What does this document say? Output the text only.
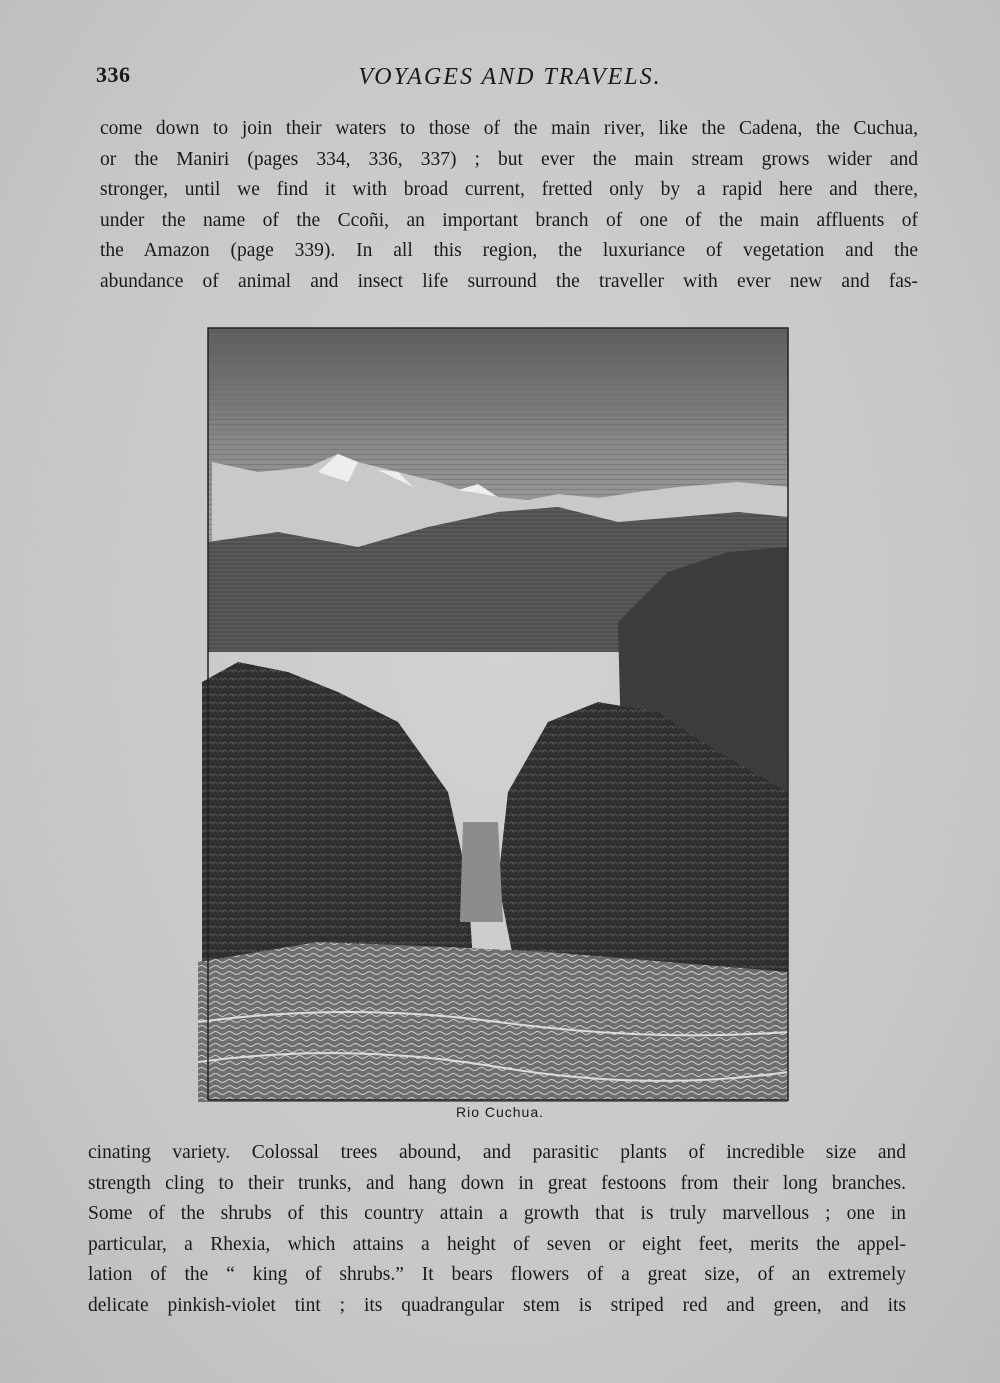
336	VOYAGES AND TRAVELS.
come down to join their waters to those of the main river, like the Cadena, the Cuchua,
or the Maniri (pages 334, 336, 337) ; but ever the main stream grows wider and
stronger, until we find it with broad current, fretted only by a rapid here and there,
under the name of the Ccoñi, an important branch of one of the main affluents of
the Amazon (page 339). In all this region, the luxuriance of vegetation and the
abundance of animal and insect life surround the traveller with ever new and fas-
Rio Cuchua.
cinating variety. Colossal trees abound, and parasitic plants of incredible size and
strength cling to their trunks, and hang down in great festoons from their long branches.
Some of the shrubs of this country attain a growth that is truly marvellous ; one in
particular, a Rhexia, which attains a height of seven or eight feet, merits the appel-
lation of the “ king of shrubs.” It bears flowers of a great size, of an extremely
delicate pinkish-violet tint ; its quadrangular stem is striped red and green, and its
